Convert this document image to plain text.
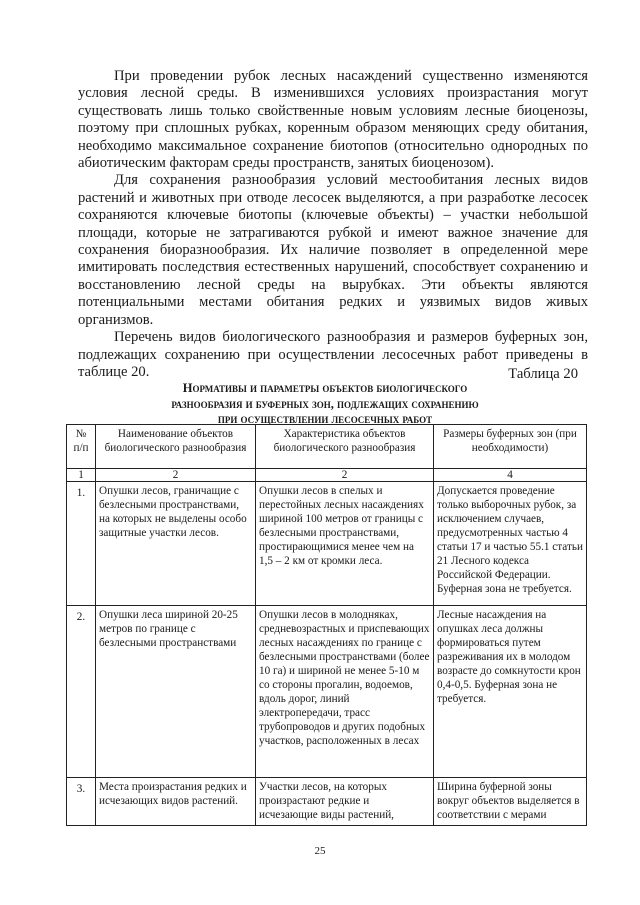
При проведении рубок лесных насаждений существенно изменяются условия лесной среды. В изменившихся условиях произрастания могут существовать лишь только свойственные новым условиям лесные биоценозы, поэтому при сплошных рубках, коренным образом меняющих среду обитания, необходимо максимальное сохранение биотопов (относительно однородных по абиотическим факторам среды пространств, занятых биоценозом).

Для сохранения разнообразия условий местообитания лесных видов растений и животных при отводе лесосек выделяются, а при разработке лесосек сохраняются ключевые биотопы (ключевые объекты) – участки небольшой площади, которые не затрагиваются рубкой и имеют важное значение для сохранения биоразнообразия. Их наличие позволяет в определенной мере имитировать последствия естественных нарушений, способствует сохранению и восстановлению лесной среды на вырубках. Эти объекты являются потенциальными местами обитания редких и уязвимых видов живых организмов.

Перечень видов биологического разнообразия и размеров буферных зон, подлежащих сохранению при осуществлении лесосечных работ приведены в таблице 20.	Таблица 20
Нормативы и параметры объектов биологического
разнообразия и буферных зон, подлежащих сохранению
при осуществлении лесосечных работ
№ п/п	Наименование объектов биологического разнообразия	Характеристика объектов биологического разнообразия	Размеры буферных зон (при необходимости)
1	2	2	4
1.	Опушки лесов, граничащие с безлесными пространствами, на которых не выделены особо защитные участки лесов.	Опушки лесов в спелых и перестойных лесных насаждениях шириной 100 метров от границы с безлесными пространствами, простирающимися менее чем на 1,5 – 2 км от кромки леса.	Допускается проведение только выборочных рубок, за исключением случаев, предусмотренных частью 4 статьи 17 и частью 55.1 статьи 21 Лесного кодекса Российской Федерации. Буферная зона не требуется.
2.	Опушки леса шириной 20-25 метров по границе с безлесными пространствами	Опушки лесов в молодняках, средневозрастных и приспевающих лесных насаждениях по границе с безлесными пространствами (более 10 га) и шириной не менее 5-10 м со стороны прогалин, водоемов, вдоль дорог, линий электропередачи, трасс трубопроводов и других подобных участков, расположенных в лесах	Лесные насаждения на опушках леса должны формироваться путем разреживания их в молодом возрасте до сомкнутости крон 0,4-0,5. Буферная зона не требуется.
3.	Места произрастания редких и исчезающих видов растений.	Участки лесов, на которых произрастают редкие и исчезающие виды растений,	Ширина буферной зоны вокруг объектов выделяется в соответствии с мерами
25
